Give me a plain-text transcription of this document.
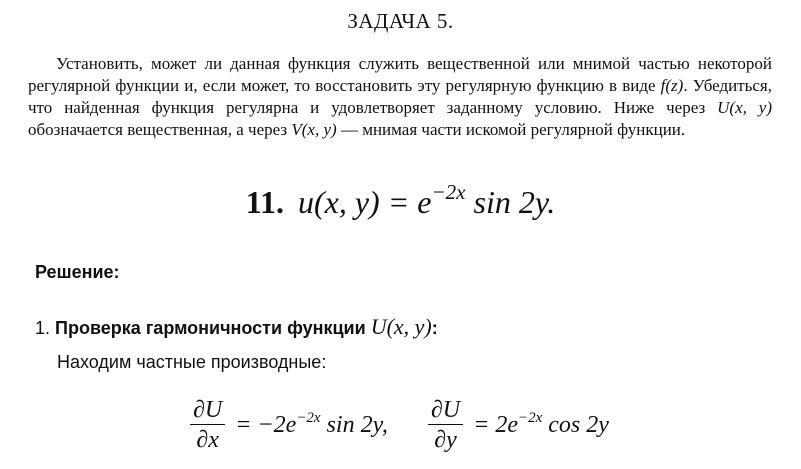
ЗАДАЧА 5.

Установить, может ли данная функция служить вещественной или мнимой частью некоторой регулярной функции и, если может, то восстановить эту регулярную функцию в виде f(z). Убедиться, что найденная функция регулярна и удовлетворяет заданному условию. Ниже через U(x, y) обозначается вещественная, а через V(x, y) — мнимая части искомой регулярной функции.

11. u(x, $y) = e^{-2x}$ sin 2y.
Решение:
1. Проверка гармоничности функции U(x, y):
Находим частные производные:
$\frac{\partial U}{\partial x} = -2e^{-2x}$ sin 2y, $\frac{\partial U}{\partial y} = 2e^{-2x}$ cos 2y
